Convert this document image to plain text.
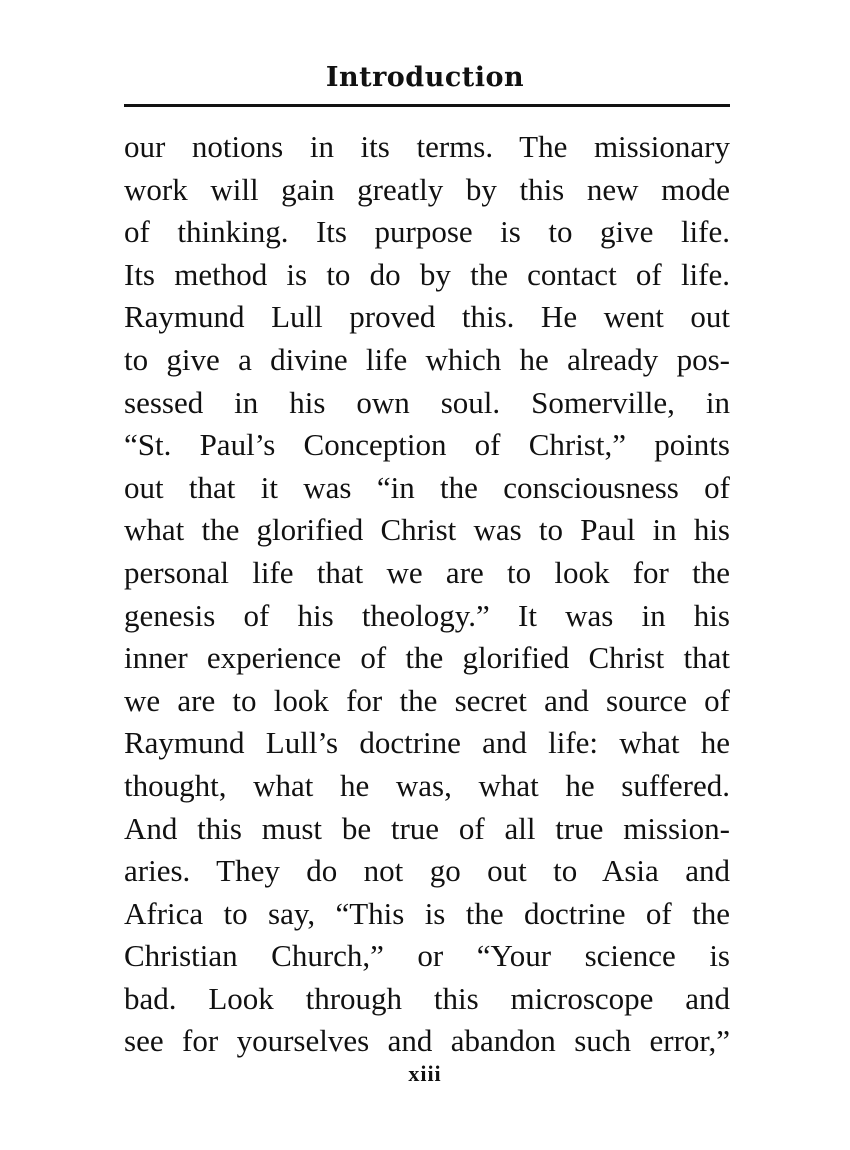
Introduction
our notions in its terms. The missionary
work will gain greatly by this new mode
of thinking. Its purpose is to give life.
Its method is to do by the contact of life.
Raymund Lull proved this. He went out
to give a divine life which he already pos-
sessed in his own soul. Somerville, in
“St. Paul’s Conception of Christ,” points
out that it was “in the consciousness of
what the glorified Christ was to Paul in his
personal life that we are to look for the
genesis of his theology.” It was in his
inner experience of the glorified Christ that
we are to look for the secret and source of
Raymund Lull’s doctrine and life: what he
thought, what he was, what he suffered.
And this must be true of all true mission-
aries. They do not go out to Asia and
Africa to say, “This is the doctrine of the
Christian Church,” or “Your science is
bad. Look through this microscope and
see for yourselves and abandon such error,”
xiii
